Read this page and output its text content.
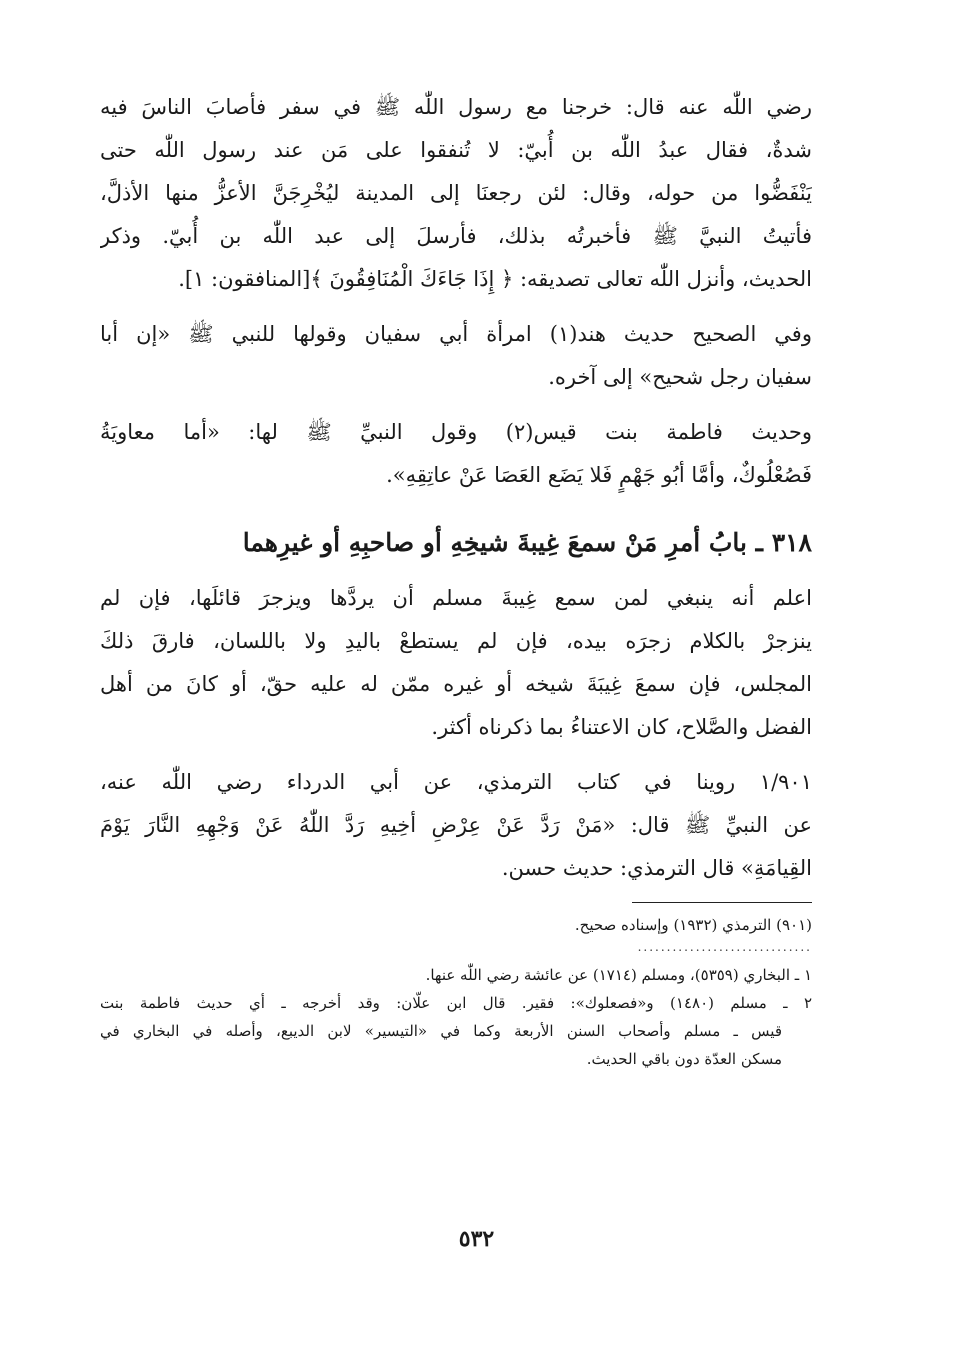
رضي اللّٰه عنه قال: خرجنا مع رسول اللّٰه ﷺ في سفر فأصابَ الناسَ فيه
شدةٌ، فقال عبدُ اللّٰه بن أُبيّ: لا تُنفقوا على مَن عند رسول اللّٰه حتى
يَنْفَضُّوا من حوله، وقال: لئن رجعنَا إلى المدينة ليُخْرِجَنَّ الأعزُّ منها الأذلَّ،
فأتيتُ النبيَّ ﷺ فأخبرتُه بذلك، فأرسلَ إلى عبد اللّٰه بن أُبيّ. وذكر
الحديث، وأنزل اللّٰه تعالى تصديقه: ﴿ إِذَا جَاءَكَ الْمُنَافِقُونَ ﴾[المنافقون: ١].
وفي الصحيح حديث هند(١) امرأة أبي سفيان وقولها للنبي ﷺ «إن أبا
سفيان رجل شحيح» إلى آخره.
وحديث فاطمة بنت قيس(٢) وقول النبيِّ ﷺ لها: «أما معاويَةُ
فَصُعْلُوكٌ، وأمَّا أبُو جَهْمٍ فَلا يَضَع العَصَا عَنْ عاتِقِهِ».
٣١٨ ـ بابُ أمرِ مَنْ سمعَ غِيبةَ شيخِهِ أو صاحبِهِ أو غيرِهما
اعلم أنه ينبغي لمن سمع غِيبةَ مسلم أن يردَّها ويزجرَ قائلَها، فإن لم
ينزجرْ بالكلام زجرَه بيده، فإن لم يستطعْ باليدِ ولا باللسان، فارقَ ذلكَ
المجلس، فإن سمعَ غِيبَةَ شيخه أو غيره ممّن له عليه حقّ، أو كانَ من أهل
الفضل والصَّلاح، كان الاعتناءُ بما ذكرناه أكثر.
١/٩٠١ روينا في كتاب الترمذي، عن أبي الدرداء رضي اللّٰه عنه،
عن النبيِّ ﷺ قال: «مَنْ رَدَّ عَنْ عِرْضِ أخِيهِ رَدَّ اللّٰهُ عَنْ وَجْهِهِ النَّارَ يَوْمَ
القِيامَةِ» قال الترمذي: حديث حسن.
(٩٠١) الترمذي (١٩٣٢) وإسناده صحيح.
..............................
١ ـ البخاري (٥٣٥٩)، ومسلم (١٧١٤) عن عائشة رضي اللّٰه عنها.
٢ ـ مسلم (١٤٨٠) و«فصعلوك»: فقير. قال ابن علّان: وقد أخرجه ـ أي حديث فاطمة بنت
قيس ـ مسلم وأصحاب السنن الأربعة وكما في «التيسير» لابن الديبع، وأصله في البخاري في
مسكن العدّة دون باقي الحديث.
٥٣٢
